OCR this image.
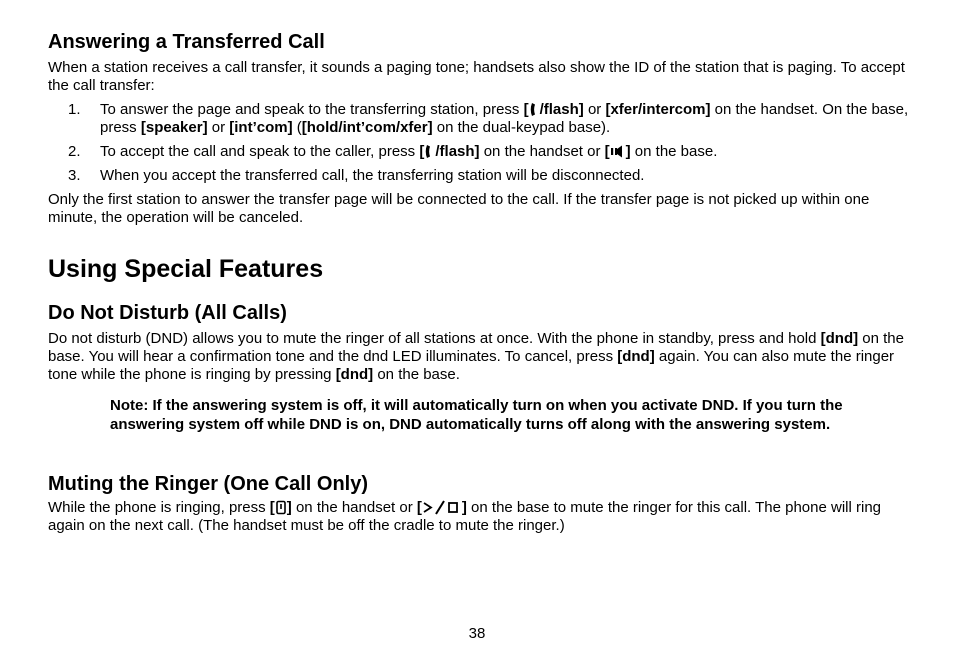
Answering a Transferred Call

When a station receives a call transfer, it sounds a paging tone; handsets also show the ID of the station that is paging. To accept the call transfer:

1. To answer the page and speak to the transferring station, press [ /flash] or [xfer/intercom] on the handset. On the base, press [speaker] or [int’com] ([hold/int’com/xfer] on the dual-keypad base).
2. To accept the call and speak to the caller, press [ /flash] on the handset or [ ] on the base.
3. When you accept the transferred call, the transferring station will be disconnected.

Only the first station to answer the transfer page will be connected to the call. If the transfer page is not picked up within one minute, the operation will be canceled.

Using Special Features
Do Not Disturb (All Calls)

Do not disturb (DND) allows you to mute the ringer of all stations at once. With the phone in standby, press and hold [dnd] on the base. You will hear a confirmation tone and the dnd LED illuminates. To cancel, press [dnd] again. You can also mute the ringer tone while the phone is ringing by pressing [dnd] on the base.

Note: If the answering system is off, it will automatically turn on when you activate DND. If you turn the answering system off while DND is on, DND automatically turns off along with the answering system.

Muting the Ringer (One Call Only)

While the phone is ringing, press [ ] on the handset or [	] on the base to mute the ringer for this call. The phone will ring again on the next call. (The handset must be off the cradle to mute the ringer.)

38
